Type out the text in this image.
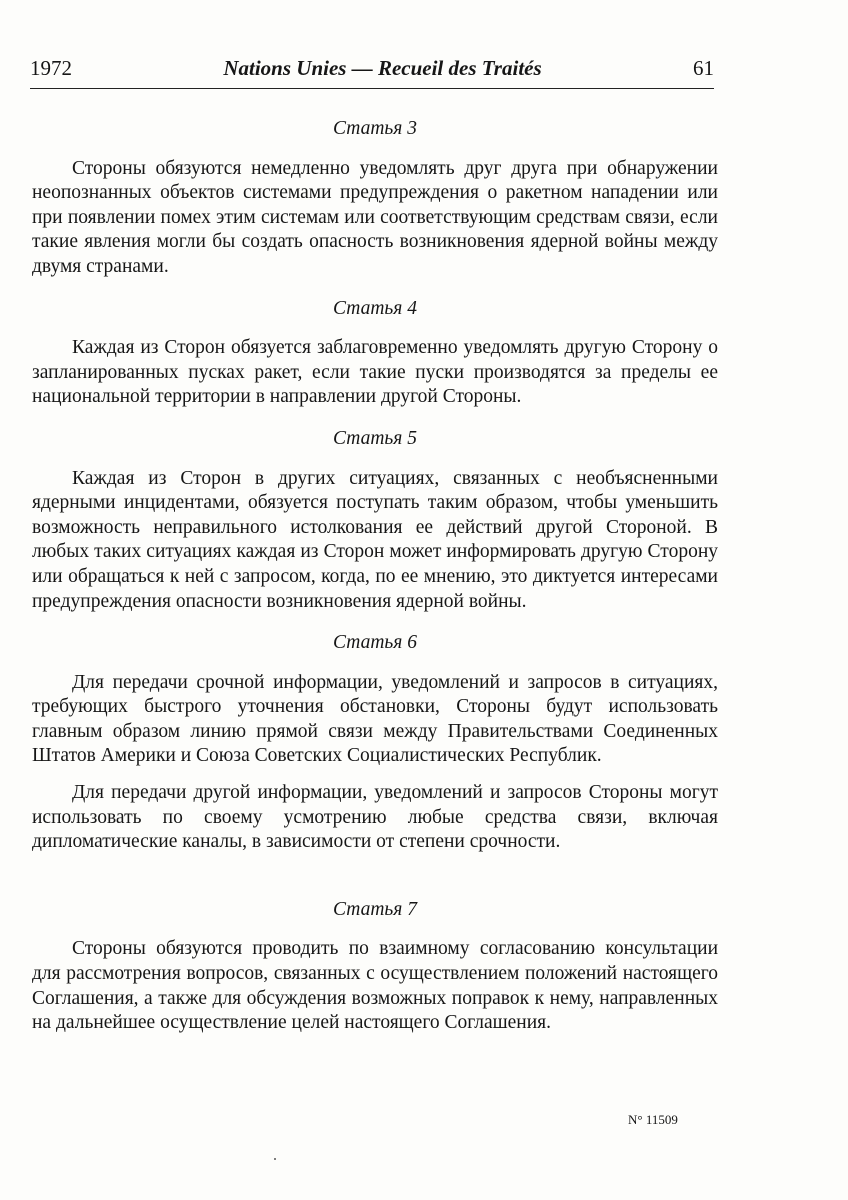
1972	Nations Unies — Recueil des Traités	61

Статья 3

Стороны обязуются немедленно уведомлять друг друга при обнаружении неопознанных объектов системами предупреждения о ракетном нападении или при появлении помех этим системам или соответствующим средствам связи, если такие явления могли бы создать опасность возникновения ядерной войны между двумя странами.

Статья 4

Каждая из Сторон обязуется заблаговременно уведомлять другую Сторону о запланированных пусках ракет, если такие пуски производятся за пределы ее национальной территории в направлении другой Стороны.

Статья 5

Каждая из Сторон в других ситуациях, связанных с необъясненными ядерными инцидентами, обязуется поступать таким образом, чтобы уменьшить возможность неправильного истолкования ее действий другой Стороной. В любых таких ситуациях каждая из Сторон может информировать другую Сторону или обращаться к ней с запросом, когда, по ее мнению, это диктуется интересами предупреждения опасности возникновения ядерной войны.

Статья 6

Для передачи срочной информации, уведомлений и запросов в ситуациях, требующих быстрого уточнения обстановки, Стороны будут использовать главным образом линию прямой связи между Правительствами Соединенных Штатов Америки и Союза Советских Социалистических Республик.

Для передачи другой информации, уведомлений и запросов Стороны могут использовать по своему усмотрению любые средства связи, включая дипломатические каналы, в зависимости от степени срочности.

Статья 7

Стороны обязуются проводить по взаимному согласованию консультации для рассмотрения вопросов, связанных с осуществлением положений настоящего Соглашения, а также для обсуждения возможных поправок к нему, направленных на дальнейшее осуществление целей настоящего Соглашения.

N° 11509
